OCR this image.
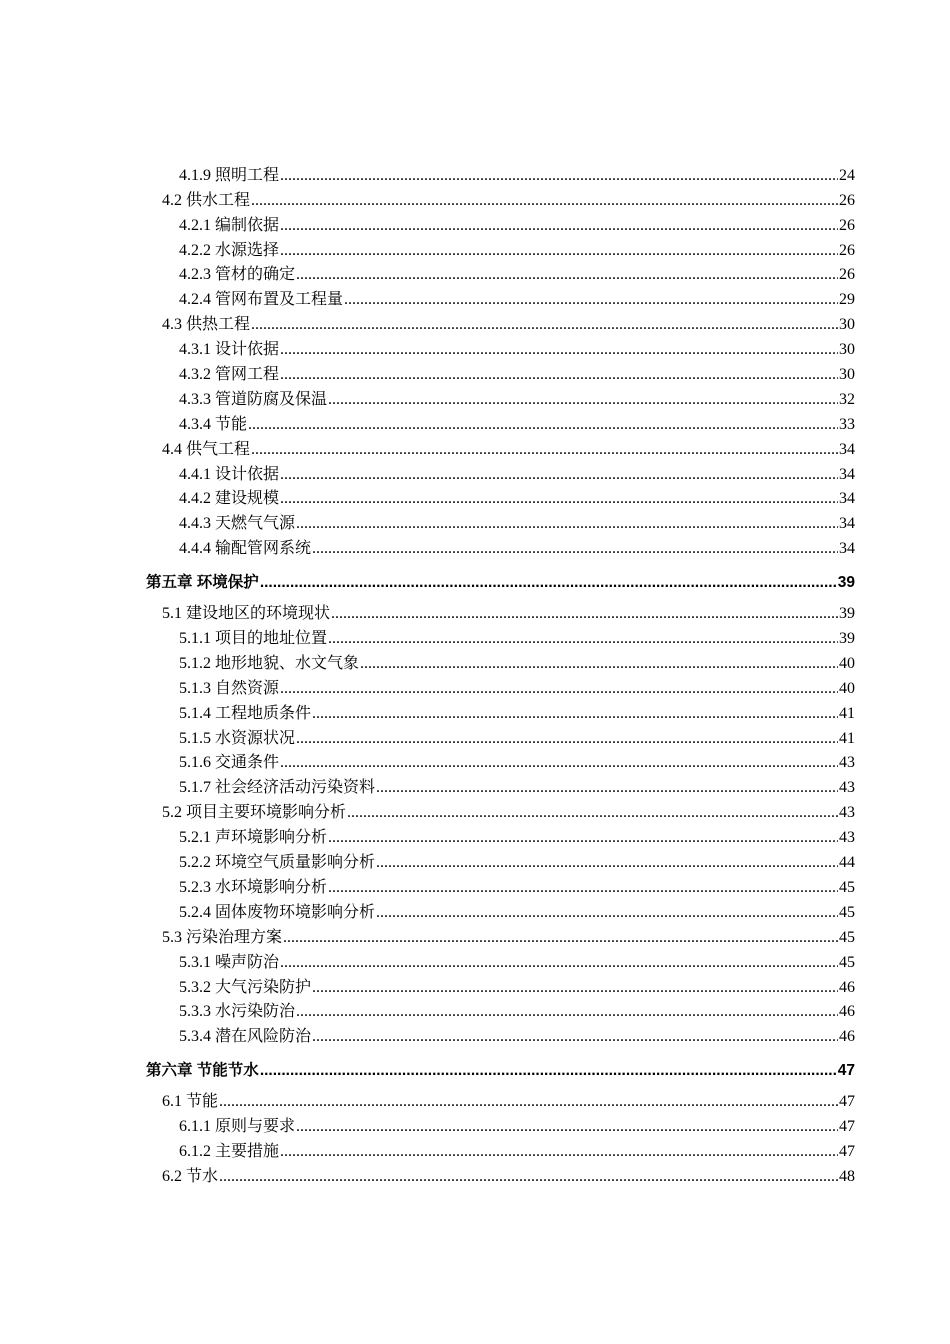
4.1.9 照明工程 .....	24
4.2 供水工程 .....	26
4.2.1 编制依据 .....	26
4.2.2 水源选择 .....	26
4.2.3 管材的确定 .....	26
4.2.4 管网布置及工程量 .....	29
4.3 供热工程 .....	30
4.3.1 设计依据 .....	30
4.3.2 管网工程 .....	30
4.3.3 管道防腐及保温 .....	32
4.3.4 节能 .....	33
4.4 供气工程 .....	34
4.4.1 设计依据 .....	34
4.4.2 建设规模 .....	34
4.4.3 天燃气气源 .....	34
4.4.4 输配管网系统 .....	34
第五章 环境保护 .....	39
5.1 建设地区的环境现状 .....	39
5.1.1 项目的地址位置 .....	39
5.1.2 地形地貌、水文气象 .....	40
5.1.3 自然资源 .....	40
5.1.4 工程地质条件 .....	41
5.1.5 水资源状况 .....	41
5.1.6 交通条件 .....	43
5.1.7 社会经济活动污染资料 .....	43
5.2 项目主要环境影响分析 .....	43
5.2.1 声环境影响分析 .....	43
5.2.2 环境空气质量影响分析 .....	44
5.2.3 水环境影响分析 .....	45
5.2.4 固体废物环境影响分析 .....	45
5.3 污染治理方案 .....	45
5.3.1 噪声防治 .....	45
5.3.2 大气污染防护 .....	46
5.3.3 水污染防治 .....	46
5.3.4 潜在风险防治 .....	46
第六章 节能节水 .....	47
6.1 节能 .....	47
6.1.1 原则与要求 .....	47
6.1.2 主要措施 .....	47
6.2 节水 .....	48
